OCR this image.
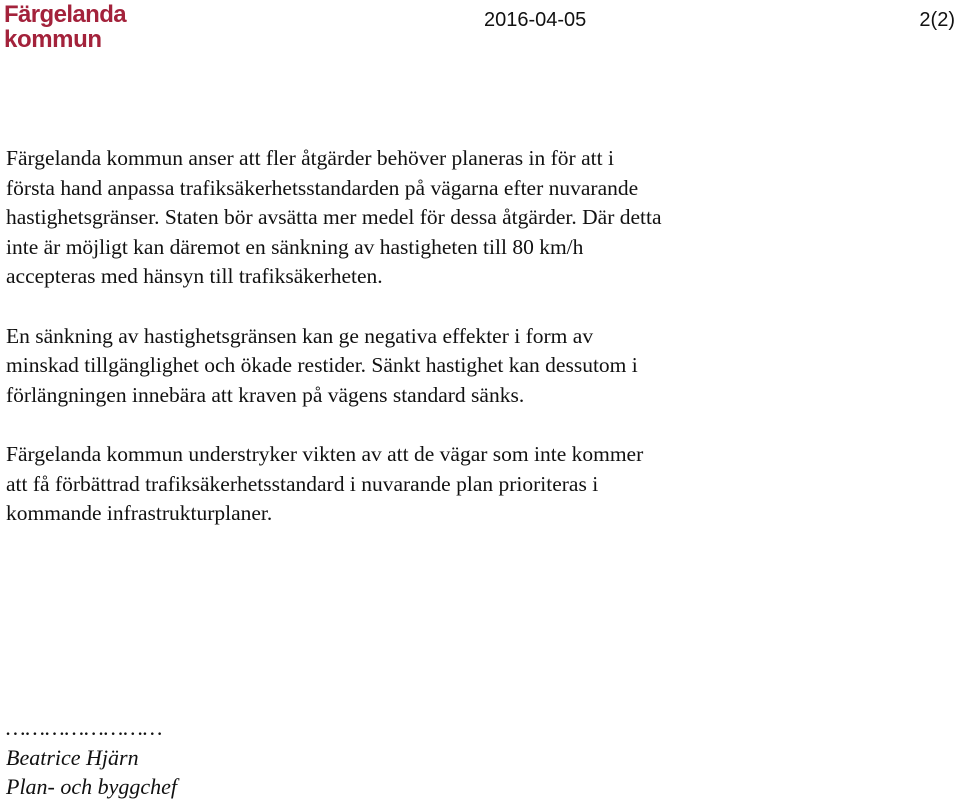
Färgelanda
kommun
2016-04-05	2(2)

Färgelanda kommun anser att fler åtgärder behöver planeras in för att i
första hand anpassa trafiksäkerhetsstandarden på vägarna efter nuvarande
hastighetsgränser. Staten bör avsätta mer medel för dessa åtgärder. Där detta
inte är möjligt kan däremot en sänkning av hastigheten till 80 km/h
accepteras med hänsyn till trafiksäkerheten.

En sänkning av hastighetsgränsen kan ge negativa effekter i form av
minskad tillgänglighet och ökade restider. Sänkt hastighet kan dessutom i
förlängningen innebära att kraven på vägens standard sänks.

Färgelanda kommun understryker vikten av att de vägar som inte kommer
att få förbättrad trafiksäkerhetsstandard i nuvarande plan prioriteras i
kommande infrastrukturplaner.

……………………
Beatrice Hjärn
Plan- och byggchef
